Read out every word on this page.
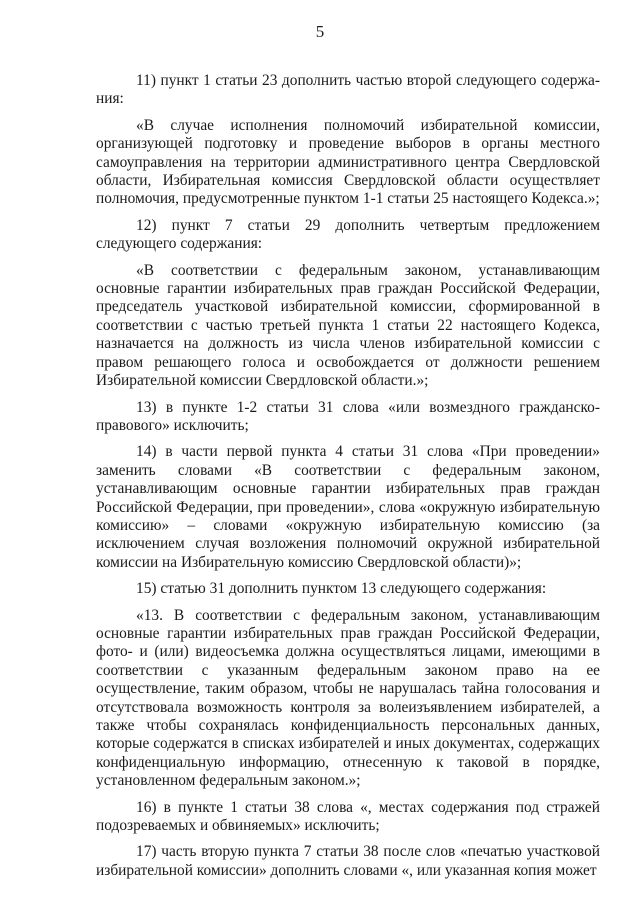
5

11) пункт 1 статьи 23 дополнить частью второй следующего содержа-ния:

«В случае исполнения полномочий избирательной комиссии, организующей подготовку и проведение выборов в органы местного самоуправления на территории административного центра Свердловской области, Избирательная комиссия Свердловской области осуществляет полномочия, предусмотренные пунктом 1-1 статьи 25 настоящего Кодекса.»;

12) пункт 7 статьи 29 дополнить четвертым предложением следующего содержания:

«В соответствии с федеральным законом, устанавливающим основные гарантии избирательных прав граждан Российской Федерации, председатель участковой избирательной комиссии, сформированной в соответствии с частью третьей пункта 1 статьи 22 настоящего Кодекса, назначается на должность из числа членов избирательной комиссии с правом решающего голоса и освобождается от должности решением Избирательной комиссии Свердловской области.»;

13) в пункте 1-2 статьи 31 слова «или возмездного гражданско-правового» исключить;

14) в части первой пункта 4 статьи 31 слова «При проведении» заменить словами «В соответствии с федеральным законом, устанавливающим основные гарантии избирательных прав граждан Российской Федерации, при проведении», слова «окружную избирательную комиссию» – словами «окружную избирательную комиссию (за исключением случая возложения полномочий окружной избирательной комиссии на Избирательную комиссию Свердловской области)»;

15) статью 31 дополнить пунктом 13 следующего содержания:

«13. В соответствии с федеральным законом, устанавливающим основные гарантии избирательных прав граждан Российской Федерации, фото- и (или) видеосъемка должна осуществляться лицами, имеющими в соответствии с указанным федеральным законом право на ее осуществление, таким образом, чтобы не нарушалась тайна голосования и отсутствовала возможность контроля за волеизъявлением избирателей, а также чтобы сохранялась конфиденциальность персональных данных, которые содержатся в списках избирателей и иных документах, содержащих конфиденциальную информацию, отнесенную к таковой в порядке, установленном федеральным законом.»;

16) в пункте 1 статьи 38 слова «, местах содержания под стражей подозреваемых и обвиняемых» исключить;

17) часть вторую пункта 7 статьи 38 после слов «печатью участковой избирательной комиссии» дополнить словами «, или указанная копия может
